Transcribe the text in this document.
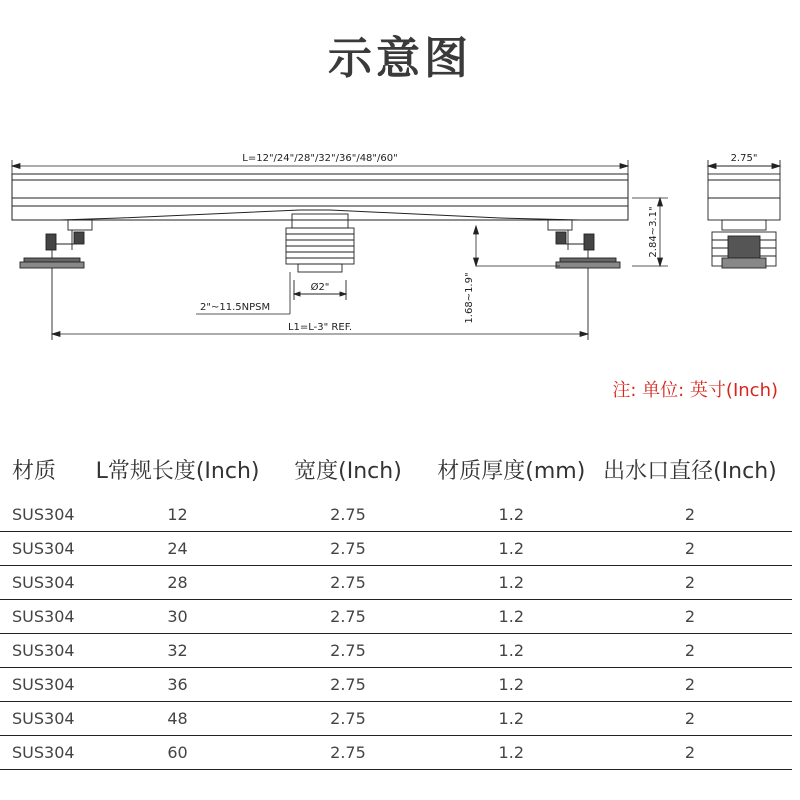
示意图
L=12"/24"/28"/32"/36"/48"/60"
Ø2"
2"~11.5NPSM
L1=L-3" REF.
2.84~3.1"
1.68~1.9"
2.75"
注: 单位: 英寸(Inch)
材质	L常规长度(Inch)	宽度(Inch)	材质厚度(mm)	出水口直径(Inch)
SUS304	12	2.75	1.2	2
SUS304	24	2.75	1.2	2
SUS304	28	2.75	1.2	2
SUS304	30	2.75	1.2	2
SUS304	32	2.75	1.2	2
SUS304	36	2.75	1.2	2
SUS304	48	2.75	1.2	2
SUS304	60	2.75	1.2	2
